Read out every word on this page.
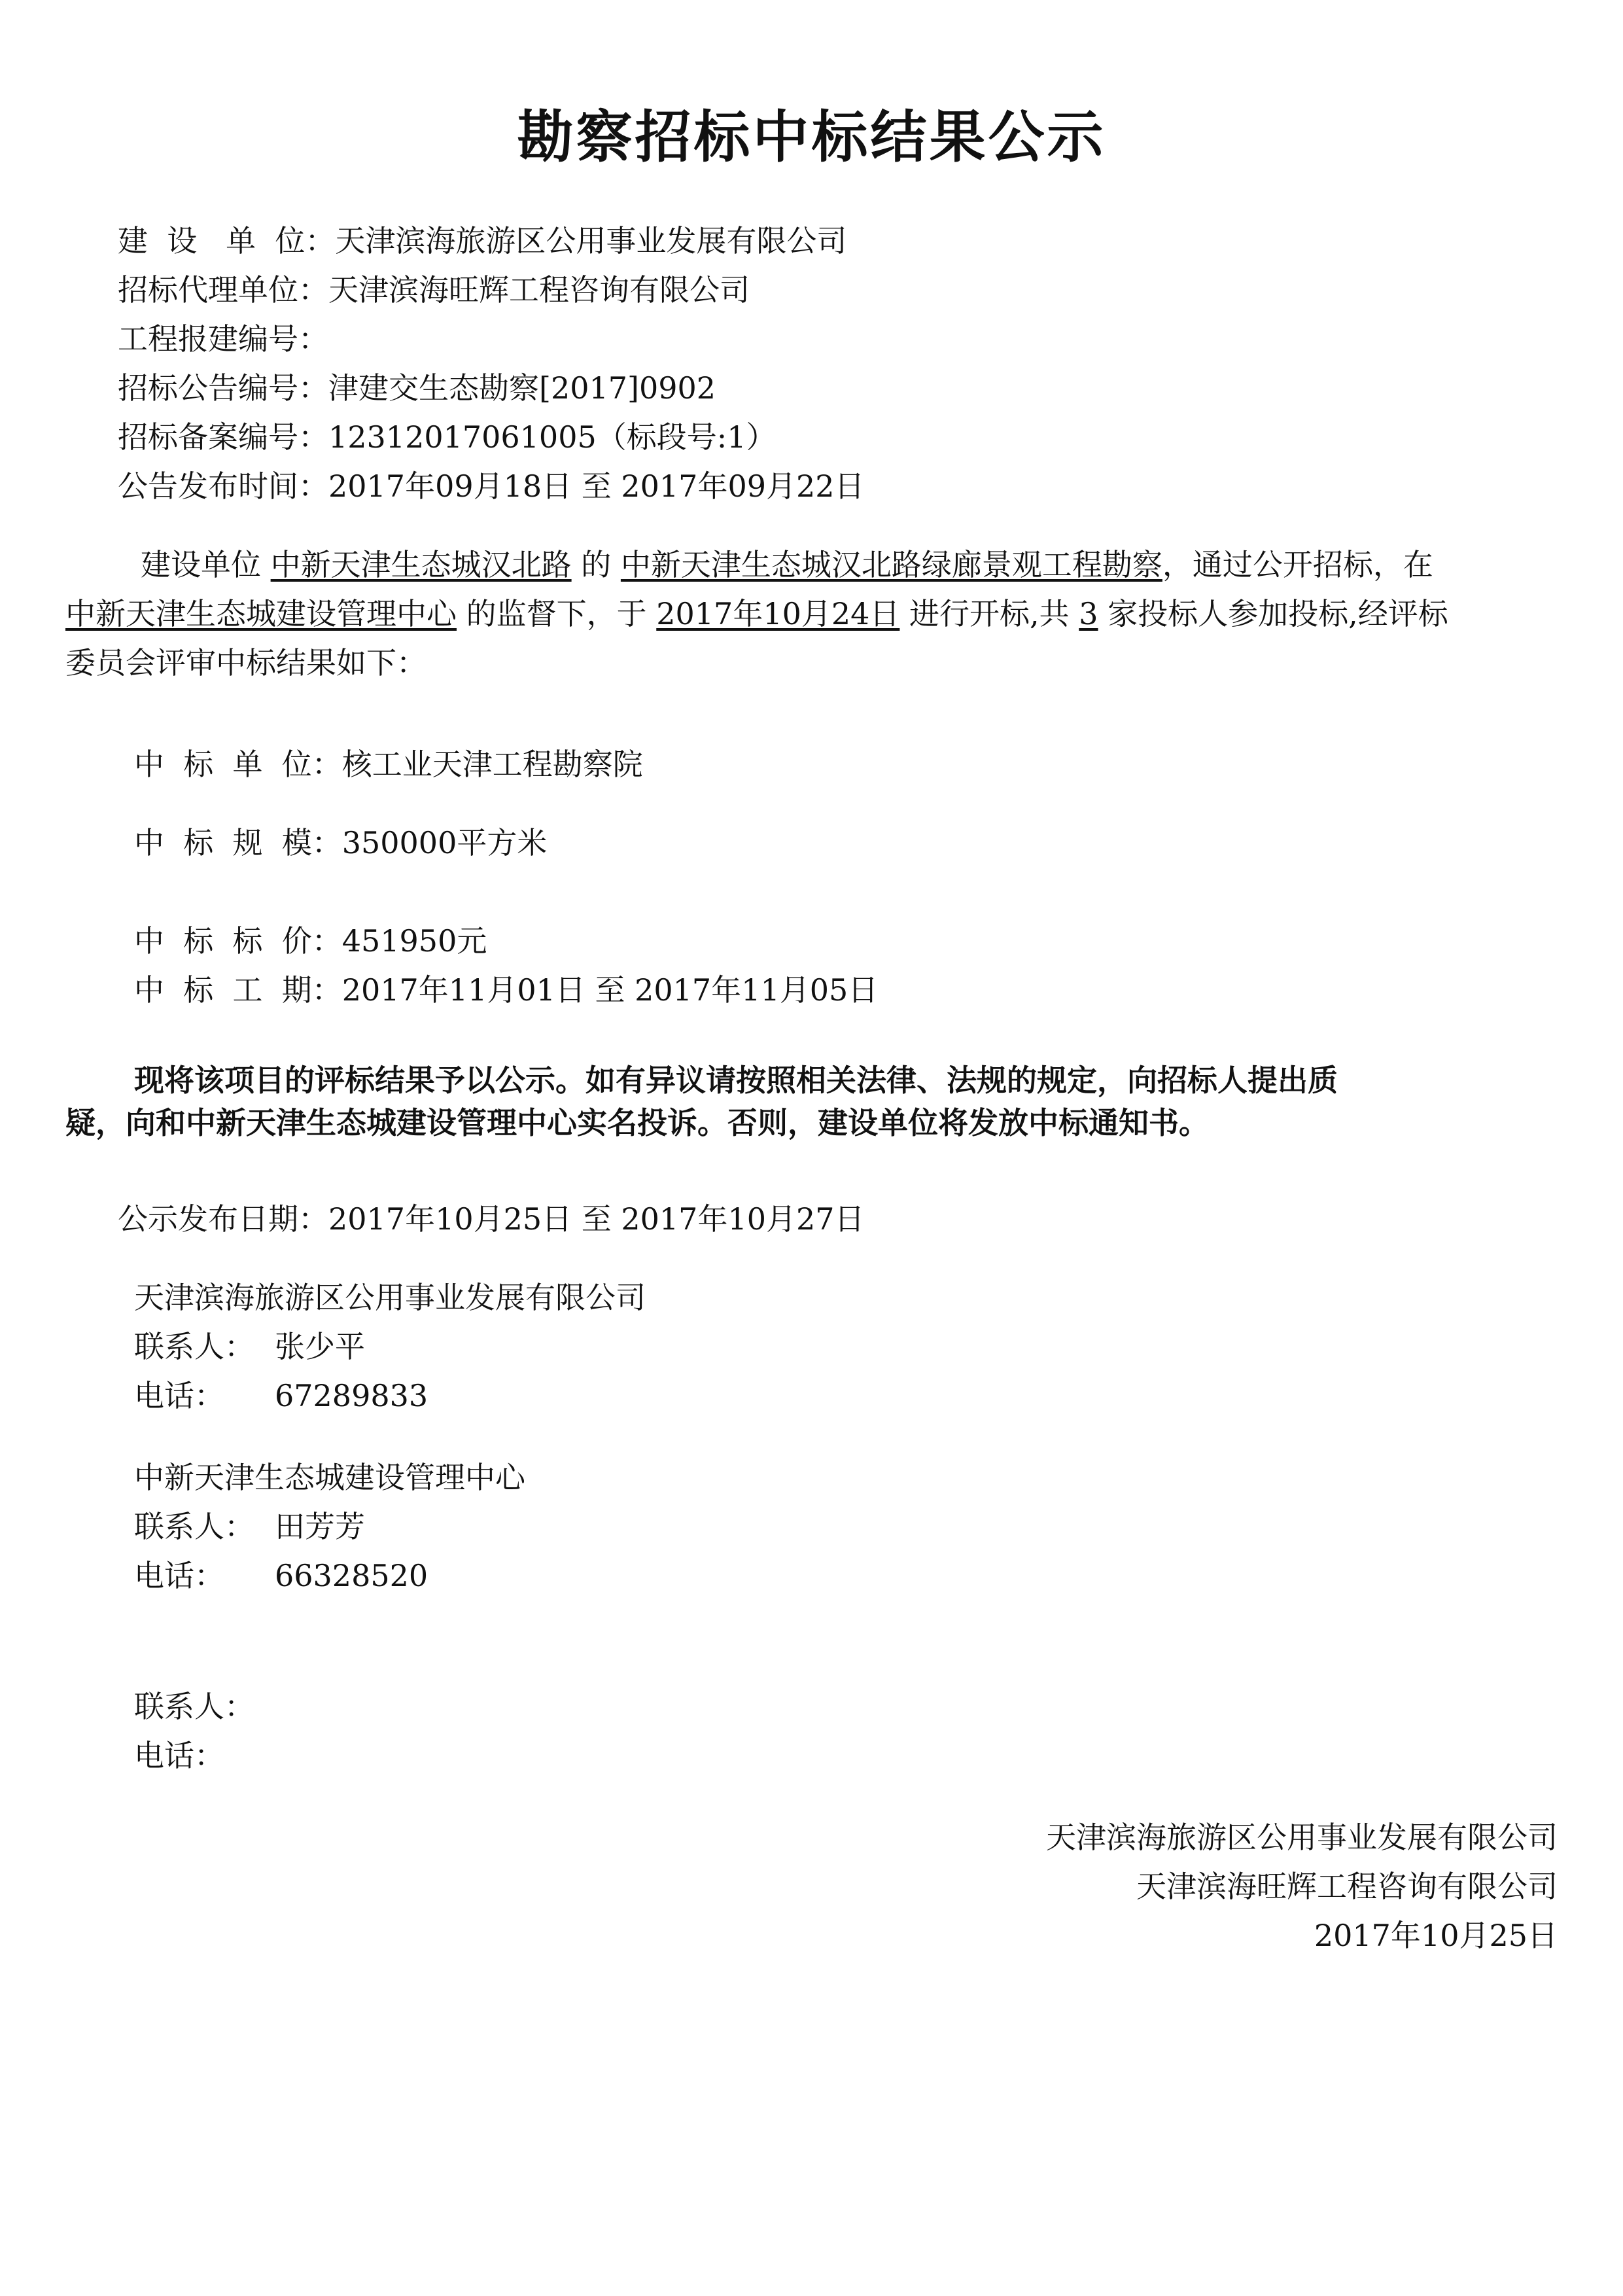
勘察招标中标结果公示
建  设   单  位：天津滨海旅游区公用事业发展有限公司
招标代理单位：天津滨海旺辉工程咨询有限公司
工程报建编号：
招标公告编号：津建交生态勘察[2017]0902
招标备案编号：12312017061005（标段号:1）
公告发布时间：2017年09月18日 至 2017年09月22日
建设单位 中新天津生态城汉北路 的 中新天津生态城汉北路绿廊景观工程勘察，通过公开招标，在
中新天津生态城建设管理中心 的监督下，于 2017年10月24日 进行开标,共 3 家投标人参加投标,经评标
委员会评审中标结果如下：
中  标  单  位：核工业天津工程勘察院
中  标  规  模：350000平方米
中  标  标  价：451950元
中  标  工  期：2017年11月01日 至 2017年11月05日
现将该项目的评标结果予以公示。如有异议请按照相关法律、法规的规定，向招标人提出质
疑，向和中新天津生态城建设管理中心实名投诉。否则，建设单位将发放中标通知书。
公示发布日期：2017年10月25日 至 2017年10月27日
天津滨海旅游区公用事业发展有限公司
联系人： 张少平
电话： 67289833
中新天津生态城建设管理中心
联系人： 田芳芳
电话： 66328520
联系人：
电话：
天津滨海旅游区公用事业发展有限公司
天津滨海旺辉工程咨询有限公司
2017年10月25日
